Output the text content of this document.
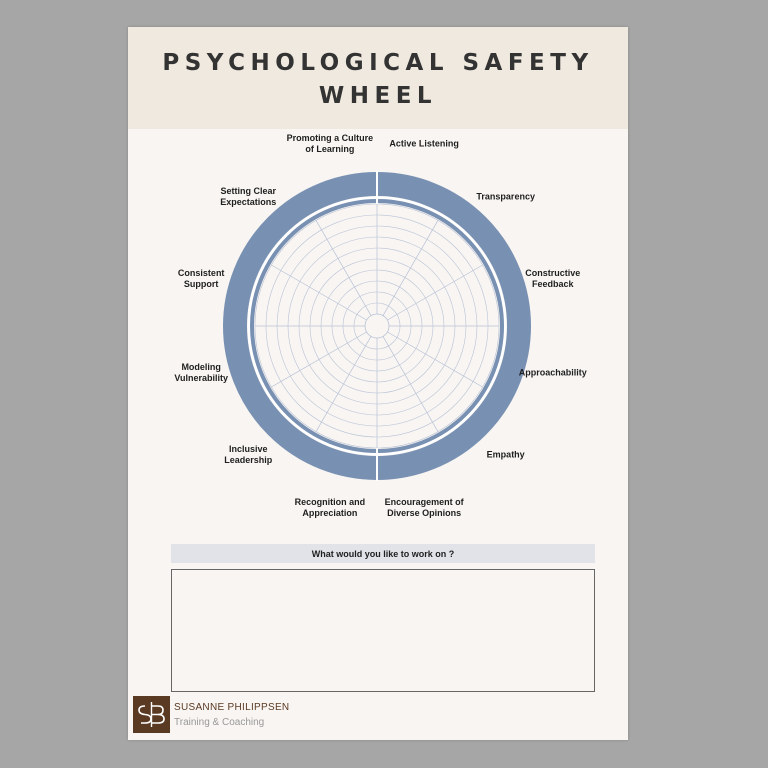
PSYCHOLOGICAL SAFETY
WHEEL
Active Listening
Transparency
Constructive
Feedback
Approachability
Empathy
Encouragement of
Diverse Opinions
Recognition and
Appreciation
Inclusive
Leadership
Modeling
Vulnerability
Consistent
Support
Setting Clear
Expectations
Promoting a Culture
of Learning
What would you like to work on ?
SUSANNE PHILIPPSEN
Training & Coaching
